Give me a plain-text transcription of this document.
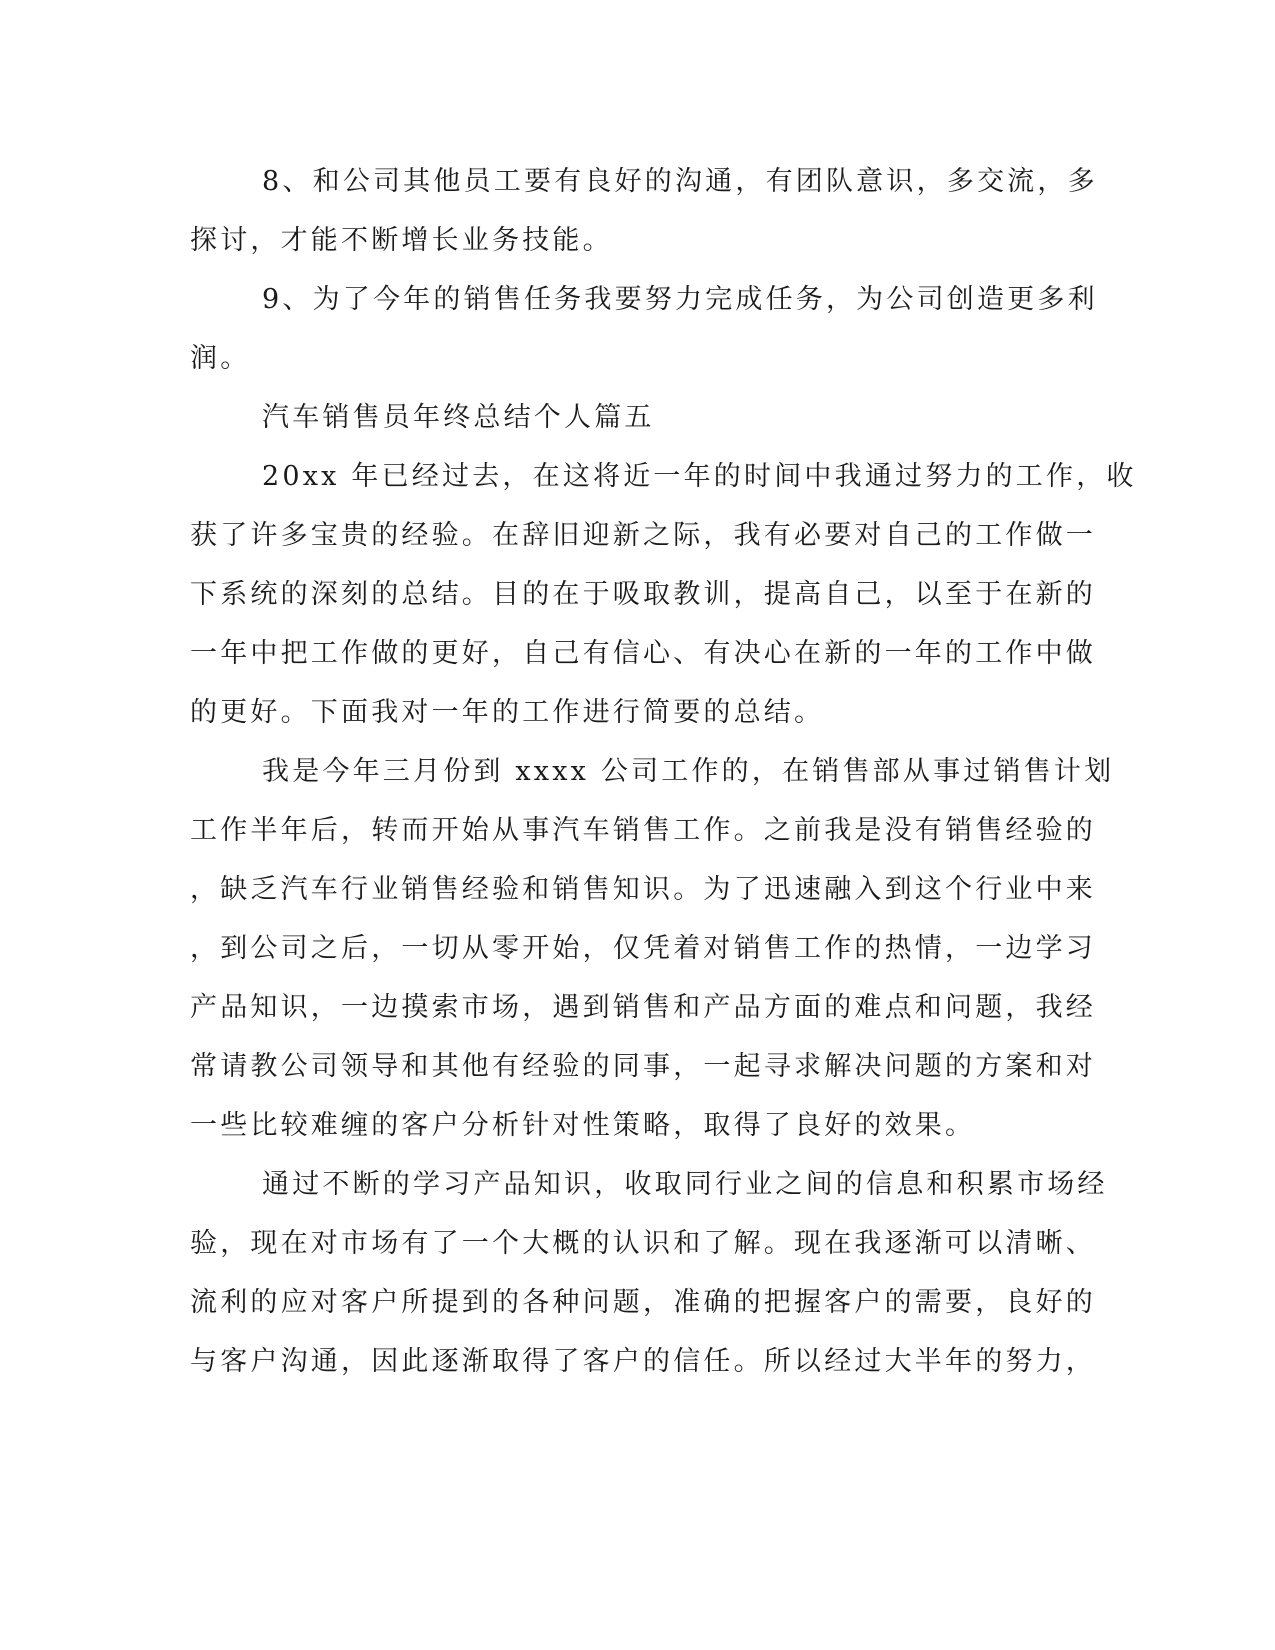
8、和公司其他员工要有良好的沟通，有团队意识，多交流，多
探讨，才能不断增长业务技能。
9、为了今年的销售任务我要努力完成任务，为公司创造更多利
润。
汽车销售员年终总结个人篇五
20xx 年已经过去，在这将近一年的时间中我通过努力的工作，收
获了许多宝贵的经验。在辞旧迎新之际，我有必要对自己的工作做一
下系统的深刻的总结。目的在于吸取教训，提高自己，以至于在新的
一年中把工作做的更好，自己有信心、有决心在新的一年的工作中做
的更好。下面我对一年的工作进行简要的总结。
我是今年三月份到 xxxx 公司工作的，在销售部从事过销售计划
工作半年后，转而开始从事汽车销售工作。之前我是没有销售经验的
，缺乏汽车行业销售经验和销售知识。为了迅速融入到这个行业中来
，到公司之后，一切从零开始，仅凭着对销售工作的热情，一边学习
产品知识，一边摸索市场，遇到销售和产品方面的难点和问题，我经
常请教公司领导和其他有经验的同事，一起寻求解决问题的方案和对
一些比较难缠的客户分析针对性策略，取得了良好的效果。
通过不断的学习产品知识，收取同行业之间的信息和积累市场经
验，现在对市场有了一个大概的认识和了解。现在我逐渐可以清晰、
流利的应对客户所提到的各种问题，准确的把握客户的需要，良好的
与客户沟通，因此逐渐取得了客户的信任。所以经过大半年的努力，
